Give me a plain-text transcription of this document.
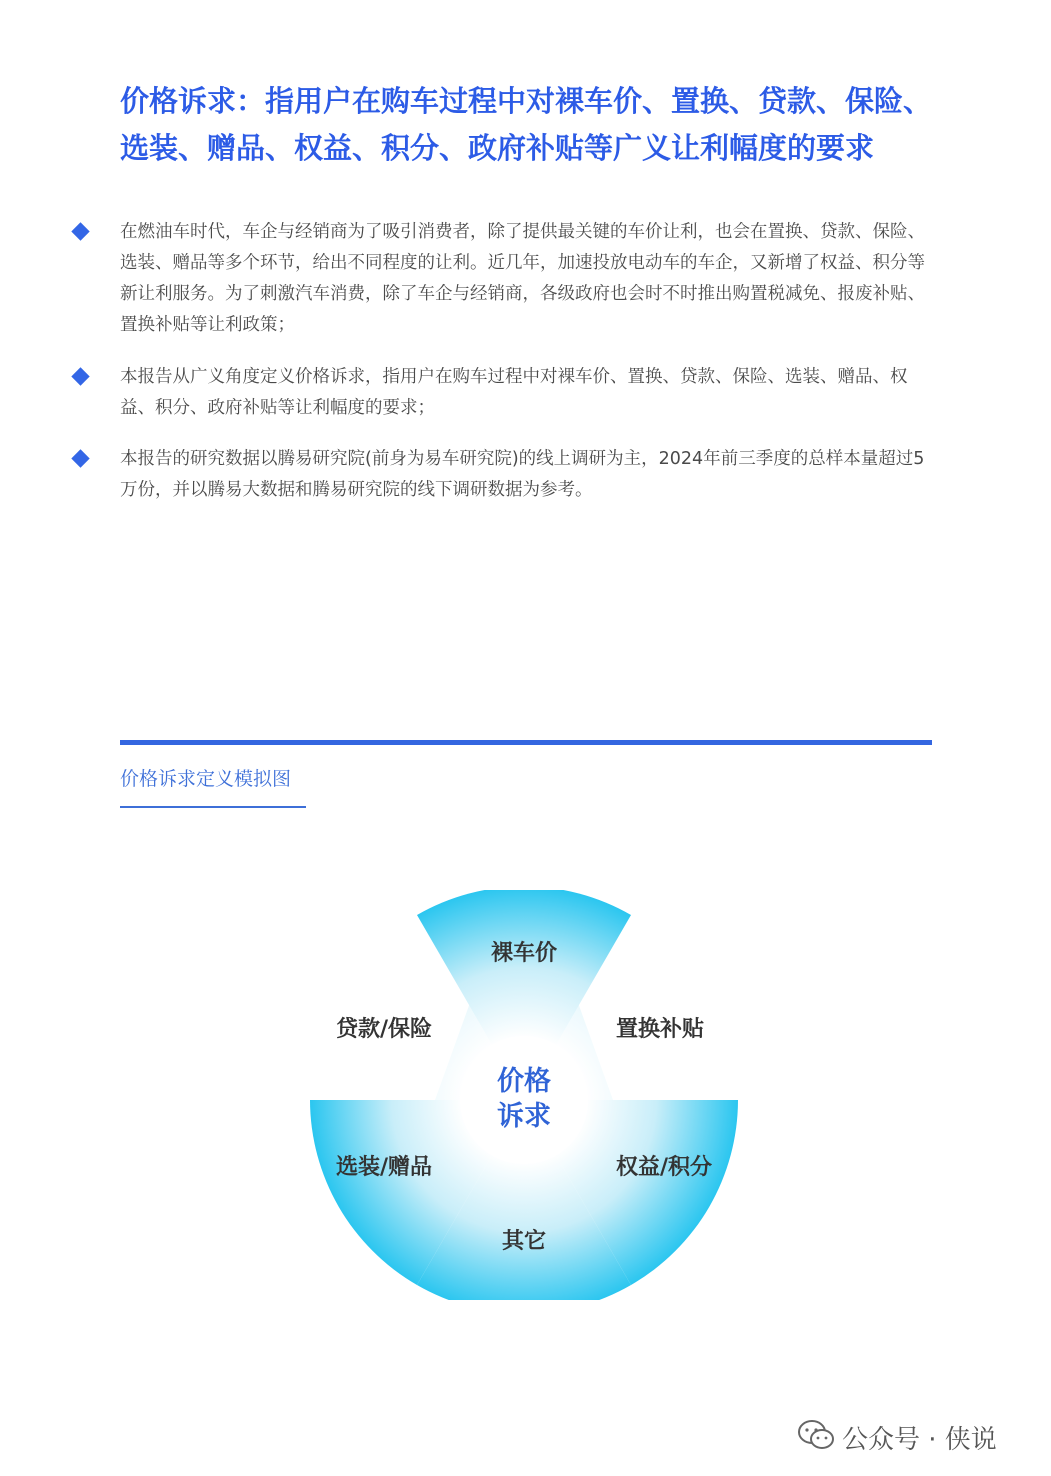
价格诉求：指用户在购车过程中对裸车价、置换、贷款、保险、选装、赠品、权益、积分、政府补贴等广义让利幅度的要求
在燃油车时代，车企与经销商为了吸引消费者，除了提供最关键的车价让利，也会在置换、贷款、保险、选装、赠品等多个环节，给出不同程度的让利。近几年，加速投放电动车的车企，又新增了权益、积分等新让利服务。为了刺激汽车消费，除了车企与经销商，各级政府也会时不时推出购置税减免、报废补贴、置换补贴等让利政策；
本报告从广义角度定义价格诉求，指用户在购车过程中对裸车价、置换、贷款、保险、选装、赠品、权益、积分、政府补贴等让利幅度的要求；
本报告的研究数据以腾易研究院(前身为易车研究院)的线上调研为主，2024年前三季度的总样本量超过5万份，并以腾易大数据和腾易研究院的线下调研数据为参考。
价格诉求定义模拟图
价格
诉求
裸车价
置换补贴
权益/积分
其它
选装/赠品
贷款/保险
公众号 · 侠说
